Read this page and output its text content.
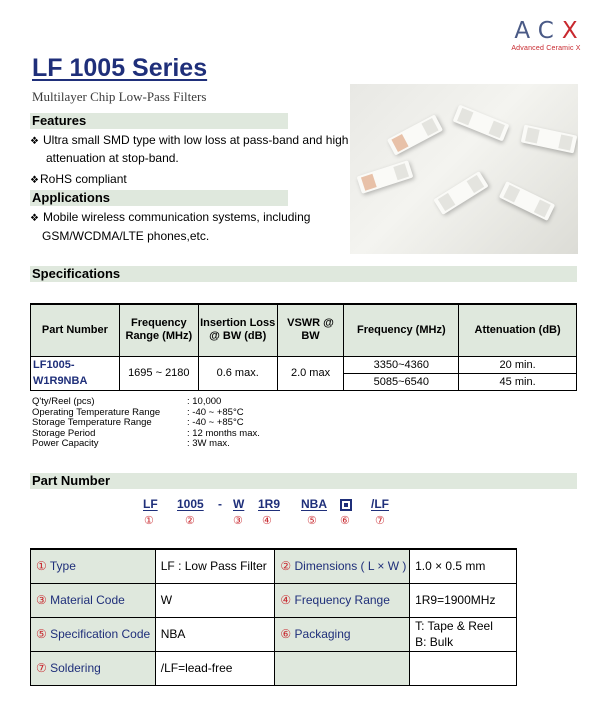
ACX
Advanced Ceramic X
LF 1005 Series
Multilayer Chip Low-Pass Filters
Features
❖ Ultra small SMD type with low loss at pass-band and high
attenuation at stop-band.
❖RoHS compliant
Applications
❖ Mobile wireless communication systems, including
GSM/WCDMA/LTE phones,etc.
Specifications
Part Number	Frequency Range (MHz)	Insertion Loss @ BW (dB)	VSWR @ BW	Frequency (MHz)	Attenuation (dB)
LF1005-W1R9NBA	1695 ~ 2180	0.6 max.	2.0 max	3350~4360	20 min.
				5085~6540	45 min.
Q'ty/Reel (pcs)	: 10,000
Operating Temperature Range	: -40 ~ +85°C
Storage Temperature Range	: -40 ~ +85°C
Storage Period	: 12 months max.
Power Capacity	: 3W max.
Part Number
LF 1005 - W 1R9 NBA	/LF
①	②	③ ④	⑤ ⑥ ⑦
① Type	LF : Low Pass Filter	② Dimensions ( L × W )	1.0 × 0.5 mm
③ Material Code	W	④ Frequency Range	1R9=1900MHz
⑤ Specification Code	NBA	⑥ Packaging	T: Tape & Reel
B: Bulk

⑦ Soldering	/LF=lead-free		
